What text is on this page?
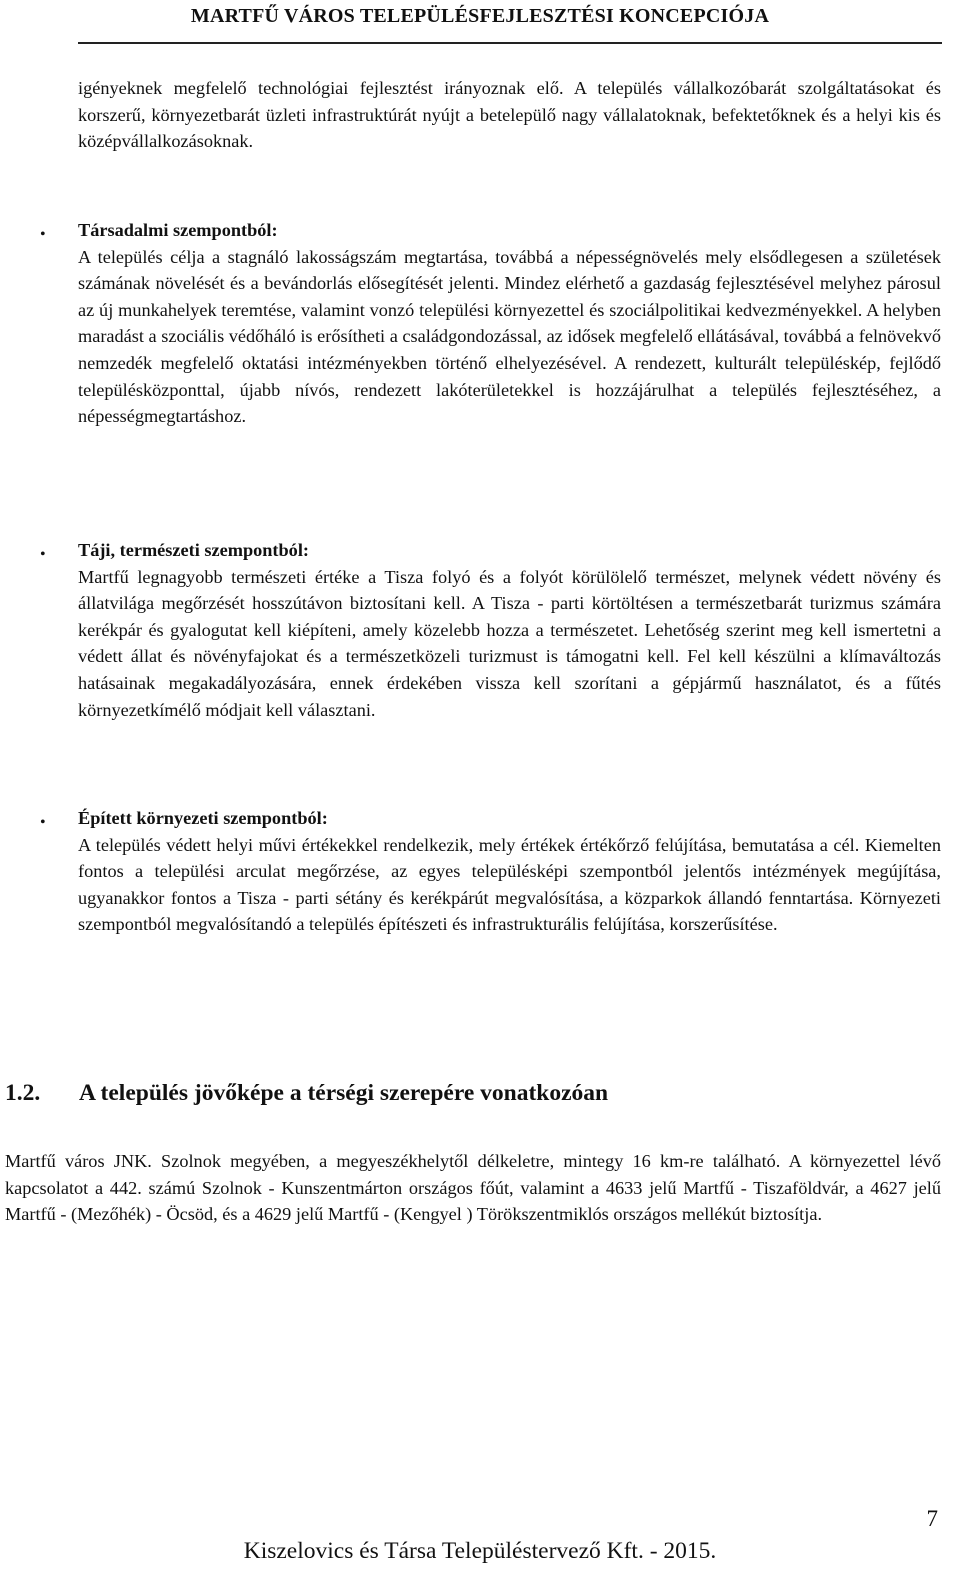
MARTFŰ VÁROS TELEPÜLÉSFEJLESZTÉSI KONCEPCIÓJA

igényeknek megfelelő technológiai fejlesztést irányoznak elő. A település vállalkozóbarát szolgáltatásokat és korszerű, környezetbarát üzleti infrastruktúrát nyújt a betelepülő nagy vállalatoknak, befektetőknek és a helyi kis és középvállalkozásoknak.

• Társadalmi szempontból:
A település célja a stagnáló lakosságszám megtartása, továbbá a népességnövelés mely elsődlegesen a születések számának növelését és a bevándorlás elősegítését jelenti. Mindez elérhető a gazdaság fejlesztésével melyhez párosul az új munkahelyek teremtése, valamint vonzó települési környezettel és szociálpolitikai kedvezményekkel. A helyben maradást a szociális védőháló is erősítheti a családgondozással, az idősek megfelelő ellátásával, továbbá a felnövekvő nemzedék megfelelő oktatási intézményekben történő elhelyezésével. A rendezett, kulturált településkép, fejlődő településközponttal, újabb nívós, rendezett lakóterületekkel is hozzájárulhat a település fejlesztéséhez, a népességmegtartáshoz.
• Táji, természeti szempontból:
Martfű legnagyobb természeti értéke a Tisza folyó és a folyót körülölelő természet, melynek védett növény és állatvilága megőrzését hosszútávon biztosítani kell. A Tisza - parti körtöltésen a természetbarát turizmus számára kerékpár és gyalogutat kell kiépíteni, amely közelebb hozza a természetet. Lehetőség szerint meg kell ismertetni a védett állat és növényfajokat és a természetközeli turizmust is támogatni kell. Fel kell készülni a klímaváltozás hatásainak megakadályozására, ennek érdekében vissza kell szorítani a gépjármű használatot, és a fűtés környezetkímélő módjait kell választani.
• Épített környezeti szempontból:
A település védett helyi művi értékekkel rendelkezik, mely értékek értékőrző felújítása, bemutatása a cél. Kiemelten fontos a települési arculat megőrzése, az egyes településképi szempontból jelentős intézmények megújítása, ugyanakkor fontos a Tisza - parti sétány és kerékpárút megvalósítása, a közparkok állandó fenntartása. Környezeti szempontból megvalósítandó a település építészeti és infrastrukturális felújítása, korszerűsítése.
1.2. A település jövőképe a térségi szerepére vonatkozóan

Martfű város JNK. Szolnok megyében, a megyeszékhelytől délkeletre, mintegy 16 km-re található. A környezettel lévő kapcsolatot a 442. számú Szolnok - Kunszentmárton országos főút, valamint a 4633 jelű Martfű - Tiszaföldvár, a 4627 jelű Martfű - (Mezőhék) - Öcsöd, és a 4629 jelű Martfű - (Kengyel ) Törökszentmiklós országos mellékút biztosítja.

7
Kiszelovics és Társa Településtervező Kft. - 2015.
